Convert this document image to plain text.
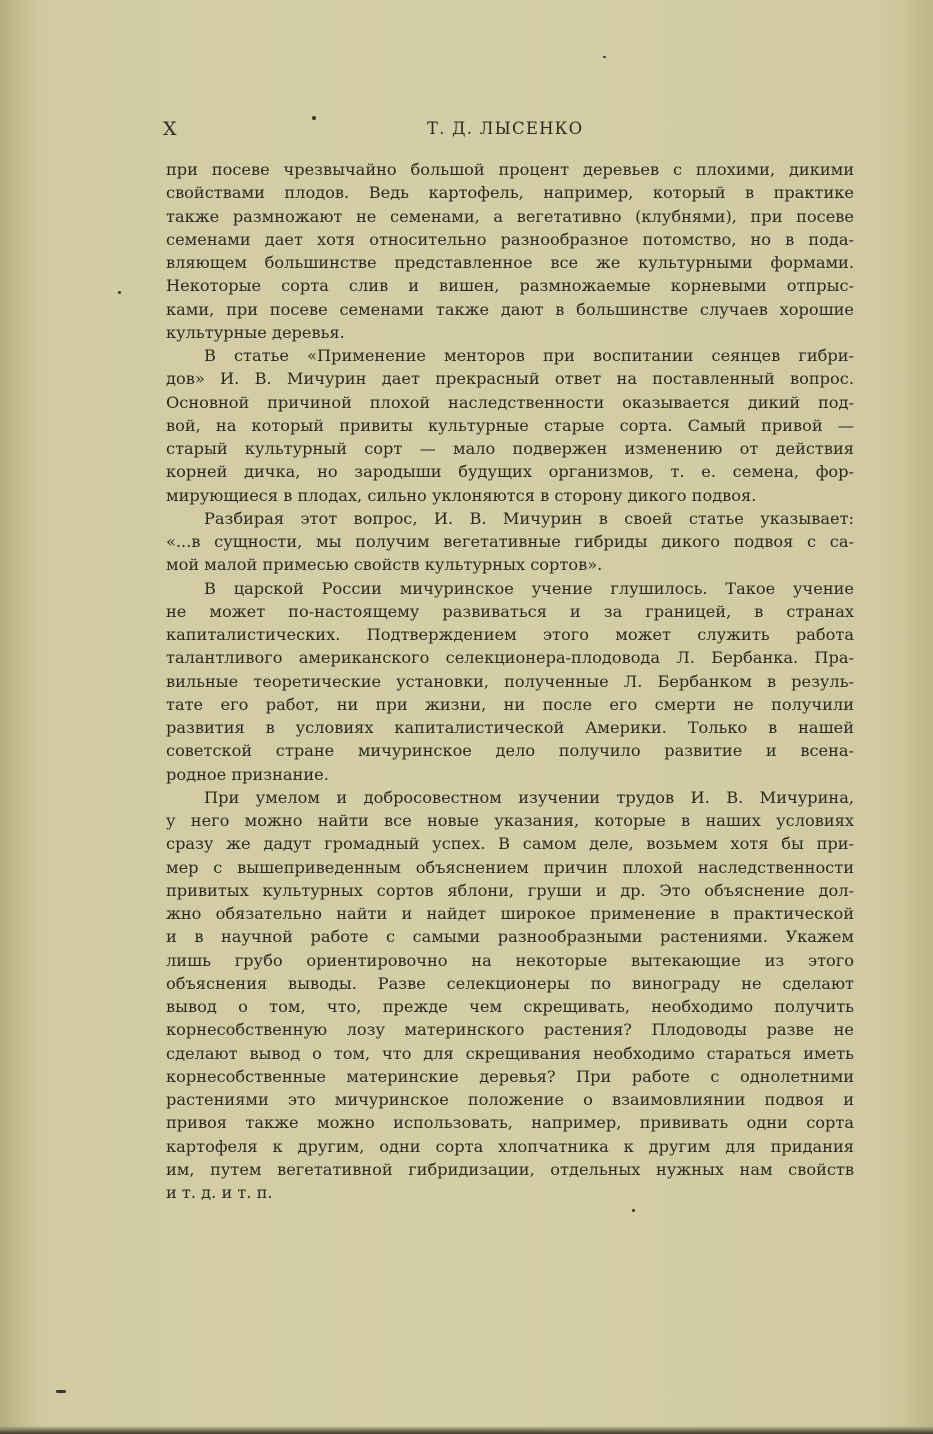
X	Т. Д. ЛЫСЕНКО
при посеве чрезвычайно большой процент деревьев с плохими, дикими
свойствами плодов. Ведь картофель, например, который в практике
также размножают не семенами, а вегетативно (клубнями), при посеве
семенами дает хотя относительно разнообразное потомство, но в пода-
вляющем большинстве представленное все же культурными формами.
Некоторые сорта слив и вишен, размножаемые корневыми отпрыс-
ками, при посеве семенами также дают в большинстве случаев хорошие
культурные деревья.
В статье «Применение менторов при воспитании сеянцев гибри-
дов» И. В. Мичурин дает прекрасный ответ на поставленный вопрос.
Основной причиной плохой наследственности оказывается дикий под-
вой, на который привиты культурные старые сорта. Самый привой —
старый культурный сорт — мало подвержен изменению от действия
корней дичка, но зародыши будущих организмов, т. е. семена, фор-
мирующиеся в плодах, сильно уклоняются в сторону дикого подвоя.
Разбирая этот вопрос, И. В. Мичурин в своей статье указывает:
«...в сущности, мы получим вегетативные гибриды дикого подвоя с са-
мой малой примесью свойств культурных сортов».
В царской России мичуринское учение глушилось. Такое учение
не может по-настоящему развиваться и за границей, в странах
капиталистических. Подтверждением этого может служить работа
талантливого американского селекционера-плодовода Л. Бербанка. Пра-
вильные теоретические установки, полученные Л. Бербанком в резуль-
тате его работ, ни при жизни, ни после его смерти не получили
развития в условиях капиталистической Америки. Только в нашей
советской стране мичуринское дело получило развитие и всена-
родное признание.
При умелом и добросовестном изучении трудов И. В. Мичурина,
у него можно найти все новые указания, которые в наших условиях
сразу же дадут громадный успех. В самом деле, возьмем хотя бы при-
мер с вышеприведенным объяснением причин плохой наследственности
привитых культурных сортов яблони, груши и др. Это объяснение дол-
жно обязательно найти и найдет широкое применение в практической
и в научной работе с самыми разнообразными растениями. Укажем
лишь грубо ориентировочно на некоторые вытекающие из этого
объяснения выводы. Разве селекционеры по винограду не сделают
вывод о том, что, прежде чем скрещивать, необходимо получить
корнесобственную лозу материнского растения? Плодоводы разве не
сделают вывод о том, что для скрещивания необходимо стараться иметь
корнесобственные материнские деревья? При работе с однолетними
растениями это мичуринское положение о взаимовлиянии подвоя и
привоя также можно использовать, например, прививать одни сорта
картофеля к другим, одни сорта хлопчатника к другим для придания
им, путем вегетативной гибридизации, отдельных нужных нам свойств
и т. д. и т. п.
